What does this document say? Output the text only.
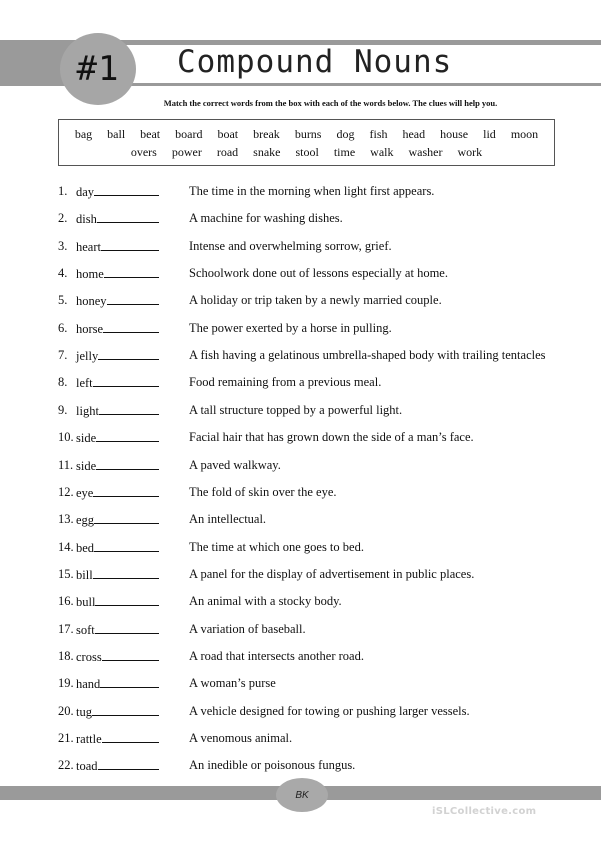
#1 Compound Nouns
Match the correct words from the box with each of the words below. The clues will help you.
bag ball beat board boat break burns dog fish head house lid moon
overs power road snake stool time walk washer work
1. day	The time in the morning when light first appears.
2. dish	A machine for washing dishes.
3. heart	Intense and overwhelming sorrow, grief.
4. home	Schoolwork done out of lessons especially at home.
5. honey	A holiday or trip taken by a newly married couple.
6. horse	The power exerted by a horse in pulling.
7. jelly	A fish having a gelatinous umbrella-shaped body with trailing tentacles
8. left	Food remaining from a previous meal.
9. light	A tall structure topped by a powerful light.
10. side	Facial hair that has grown down the side of a man’s face.
11. side	A paved walkway.
12. eye	The fold of skin over the eye.
13. egg	An intellectual.
14. bed	The time at which one goes to bed.
15. bill	A panel for the display of advertisement in public places.
16. bull	An animal with a stocky body.
17. soft	A variation of baseball.
18. cross	A road that intersects another road.
19. hand	A woman’s purse
20. tug	A vehicle designed for towing or pushing larger vessels.
21. rattle	A venomous animal.
22. toad	An inedible or poisonous fungus.
BK
iSLCollective.com
